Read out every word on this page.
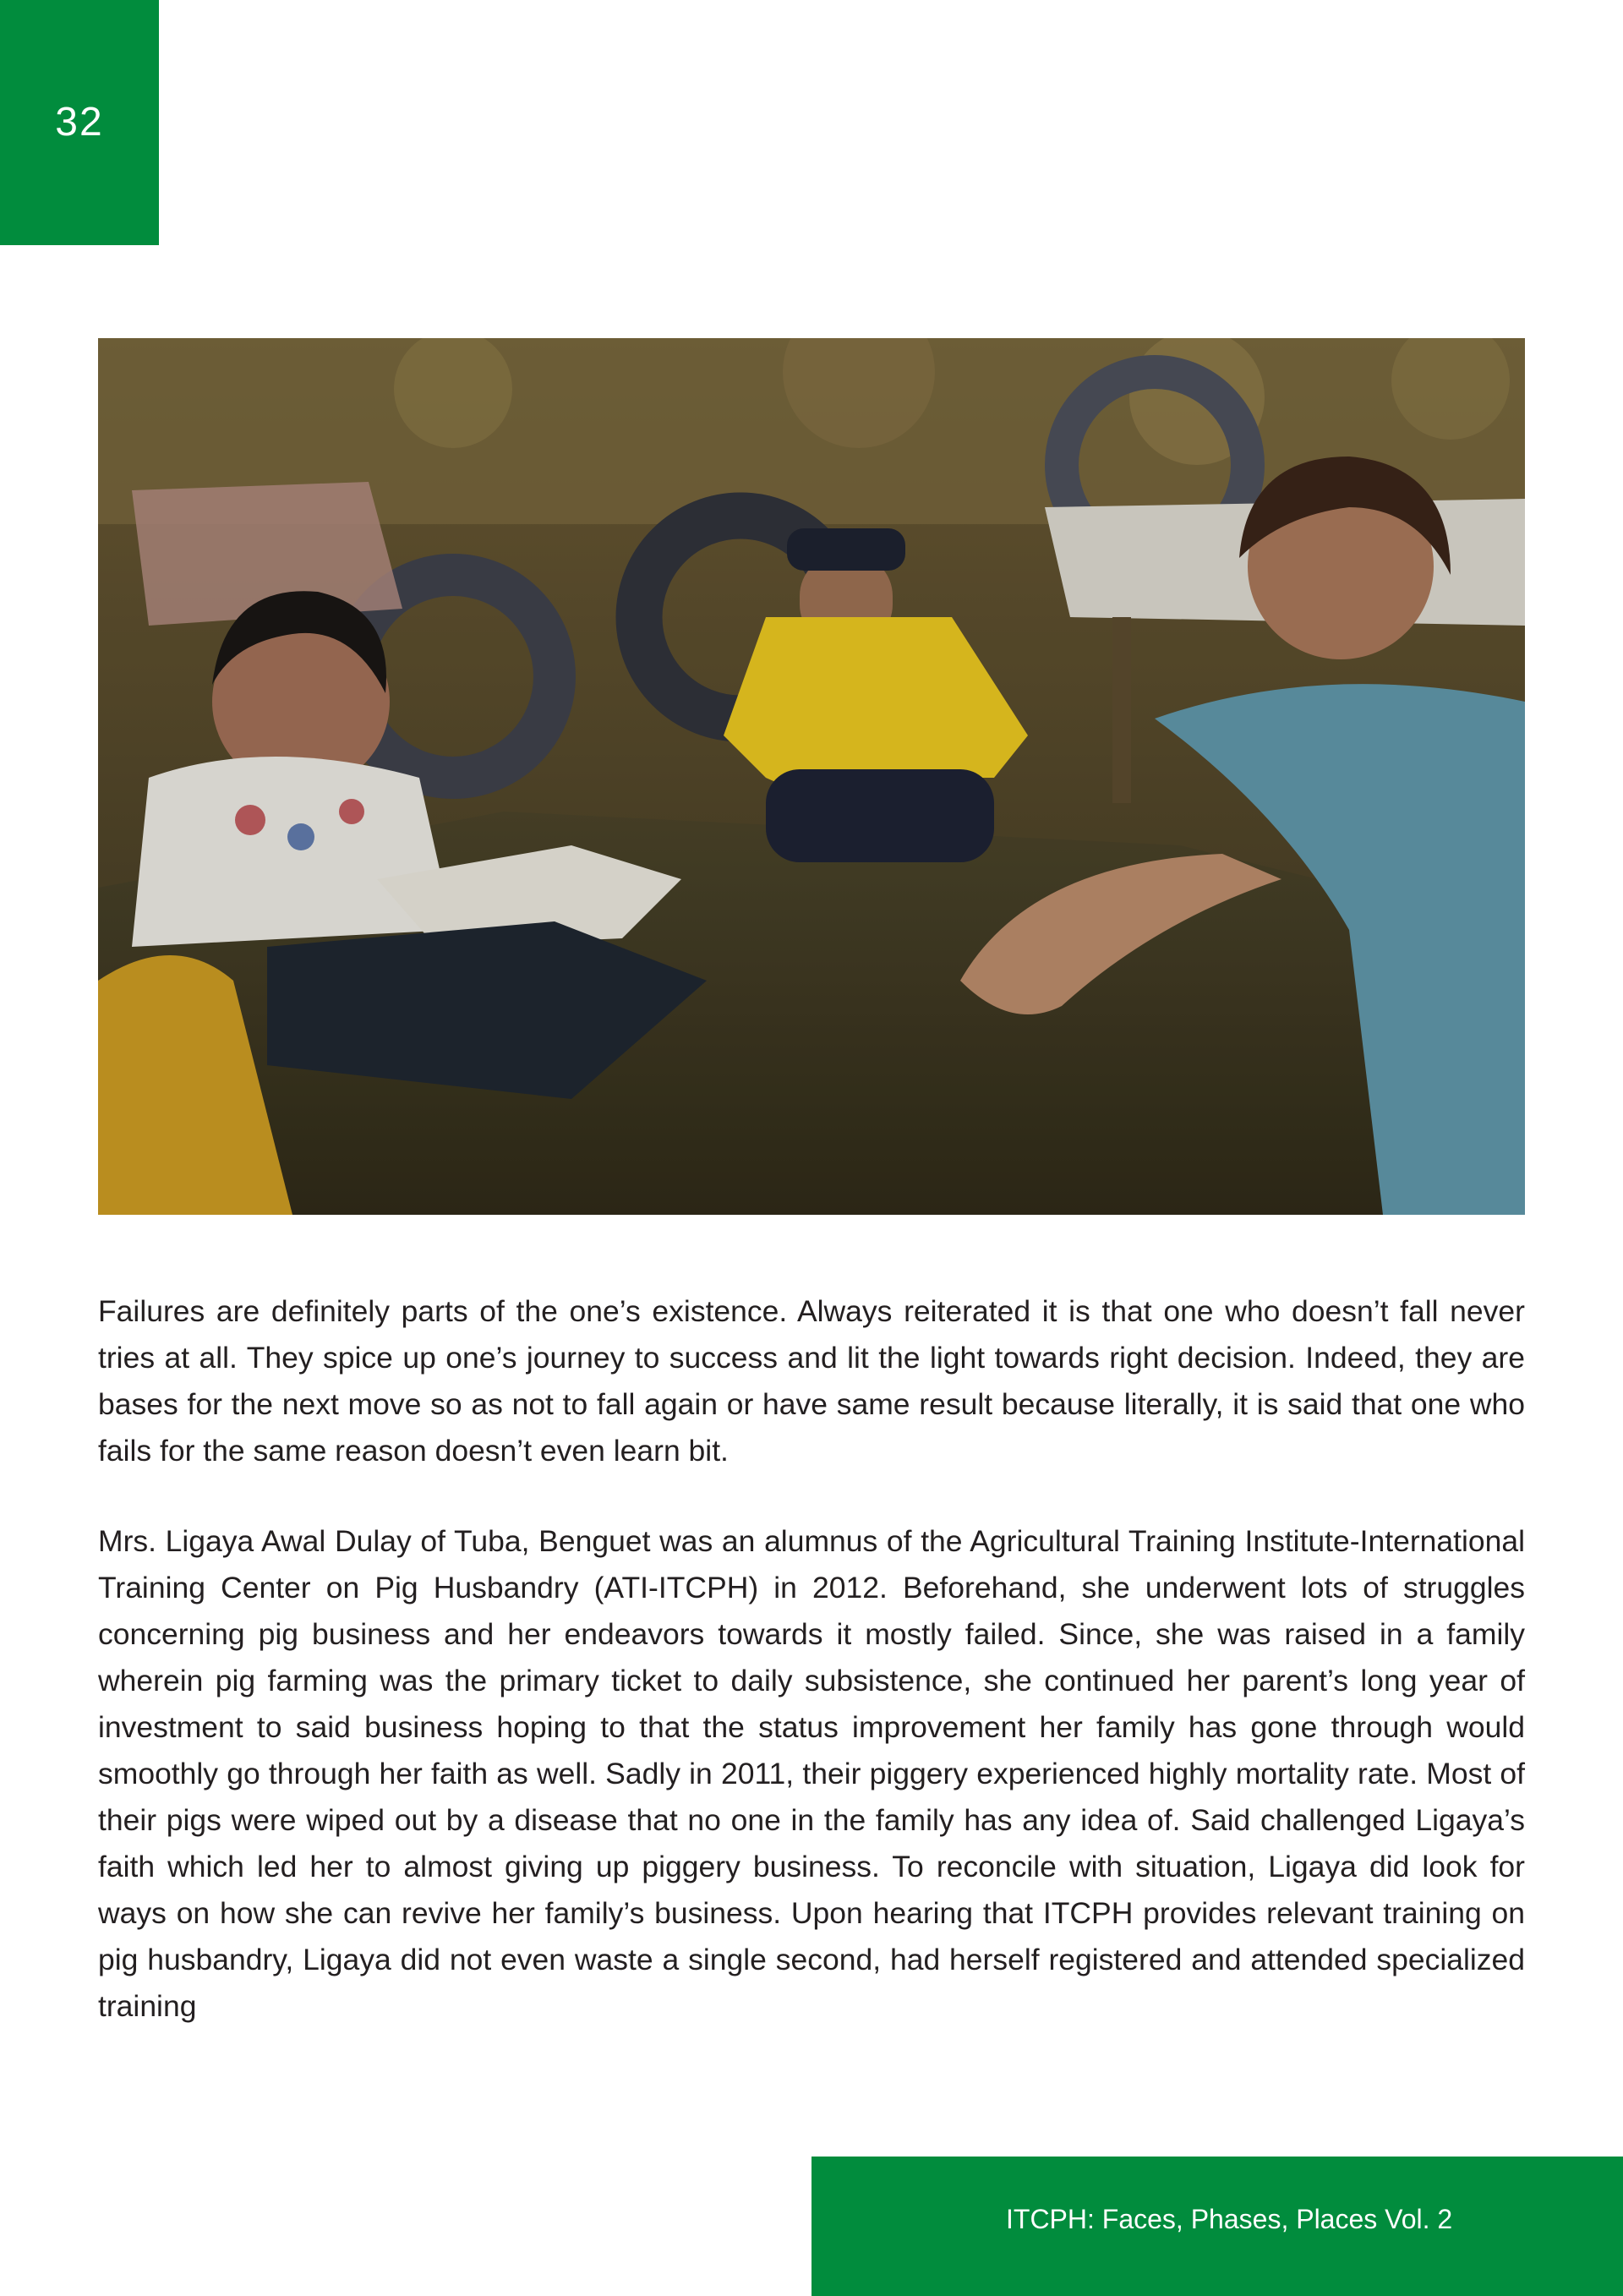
32

Failures are definitely parts of the one’s existence. Always reiterated it is that one who doesn’t fall never tries at all. They spice up one’s journey to success and lit the light towards right decision. Indeed, they are bases for the next move so as not to fall again or have same result because literally, it is said that one who fails for the same reason doesn’t even learn bit.

Mrs. Ligaya Awal Dulay of Tuba, Benguet was an alumnus of the Agricultural Training Institute-International Training Center on Pig Husbandry (ATI-ITCPH) in 2012. Beforehand, she underwent lots of struggles concerning pig business and her endeavors towards it mostly failed. Since, she was raised in a family wherein pig farming was the primary ticket to daily subsistence, she continued her parent’s long year of investment to said business hoping to that the status improvement her family has gone through would smoothly go through her faith as well. Sadly in 2011, their piggery experienced highly mortality rate. Most of their pigs were wiped out by a disease that no one in the family has any idea of. Said challenged Ligaya’s faith which led her to almost giving up piggery business. To reconcile with situation, Ligaya did look for ways on how she can revive her family’s business. Upon hearing that ITCPH provides relevant training on pig husbandry, Ligaya did not even waste a single second, had herself registered and attended specialized training

ITCPH: Faces, Phases, Places Vol. 2
